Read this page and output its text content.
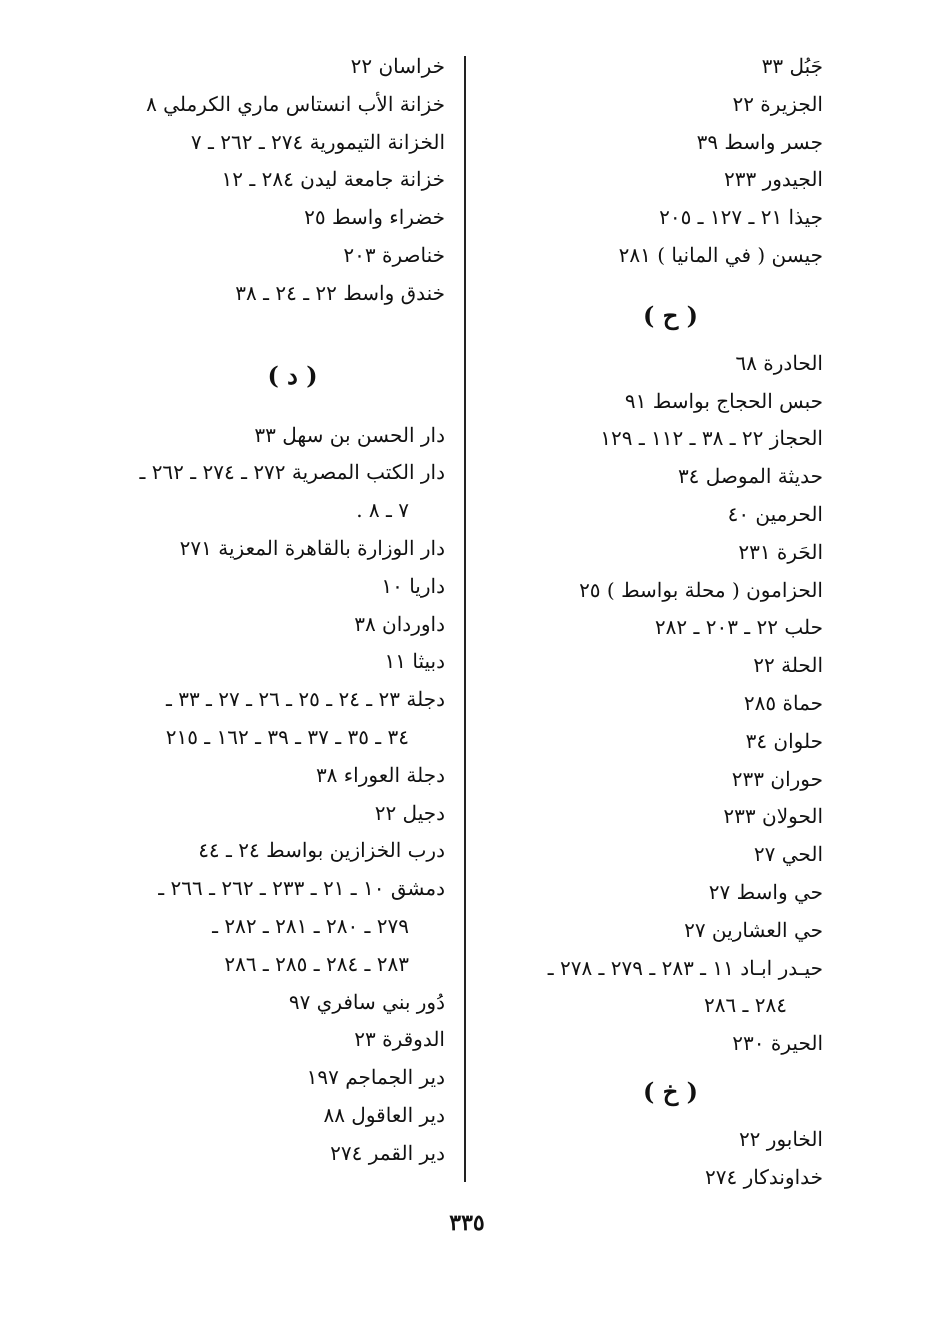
جَبُل ٣٣
الجزيرة ٢٢
جسر واسط ٣٩
الجيدور ٢٣٣
جيذا ٢١ ـ ١٢٧ ـ ٢٠٥
جيسن ( في المانيا ) ٢٨١
( ح )
الحادرة ٦٨
حبس الحجاج بواسط ٩١
الحجاز ٢٢ ـ ٣٨ ـ ١١٢ ـ ١٢٩
حديثة الموصل ٣٤
الحرمين ٤٠
الحَرة ٢٣١
الحزامون ( محلة بواسط ) ٢٥
حلب ٢٢ ـ ٢٠٣ ـ ٢٨٢
الحلة ٢٢
حماة ٢٨٥
حلوان ٣٤
حوران ٢٣٣
الحولان ٢٣٣
الحي ٢٧
حي واسط ٢٧
حي العشارين ٢٧
حيـدر ابـاد ١١ ـ ٢٨٣ ـ ٢٧٩ ـ ٢٧٨ ـ
٢٨٤ ـ ٢٨٦
الحيرة ٢٣٠
( خ )
الخابور ٢٢
خداوندكار ٢٧٤
خراسان ٢٢
خزانة الأب انستاس ماري الكرملي ٨
الخزانة التيمورية ٢٧٤ ـ ٢٦٢ ـ ٧
خزانة جامعة ليدن ٢٨٤ ـ ١٢
خضراء واسط ٢٥
خناصرة ٢٠٣
خندق واسط ٢٢ ـ ٢٤ ـ ٣٨
( د )
دار الحسن بن سهل ٣٣
دار الكتب المصرية ٢٧٢ ـ ٢٧٤ ـ ٢٦٢ ـ
٧ ـ ٨ .
دار الوزارة بالقاهرة المعزية ٢٧١
داريا ١٠
داوردان ٣٨
دبيثا ١١
دجلة ٢٣ ـ ٢٤ ـ ٢٥ ـ ٢٦ ـ ٢٧ ـ ٣٣ ـ
٣٤ ـ ٣٥ ـ ٣٧ ـ ٣٩ ـ ١٦٢ ـ ٢١٥
دجلة العوراء ٣٨
دجيل ٢٢
درب الخزازين بواسط ٢٤ ـ ٤٤
دمشق ١٠ ـ ٢١ ـ ٢٣٣ ـ ٢٦٢ ـ ٢٦٦ ـ
٢٧٩ ـ ٢٨٠ ـ ٢٨١ ـ ٢٨٢ ـ
٢٨٣ ـ ٢٨٤ ـ ٢٨٥ ـ ٢٨٦
دُور بني سافري ٩٧
الدوقرة ٢٣
دير الجماجم ١٩٧
دير العاقول ٨٨
دير القمر ٢٧٤
٣٣٥
